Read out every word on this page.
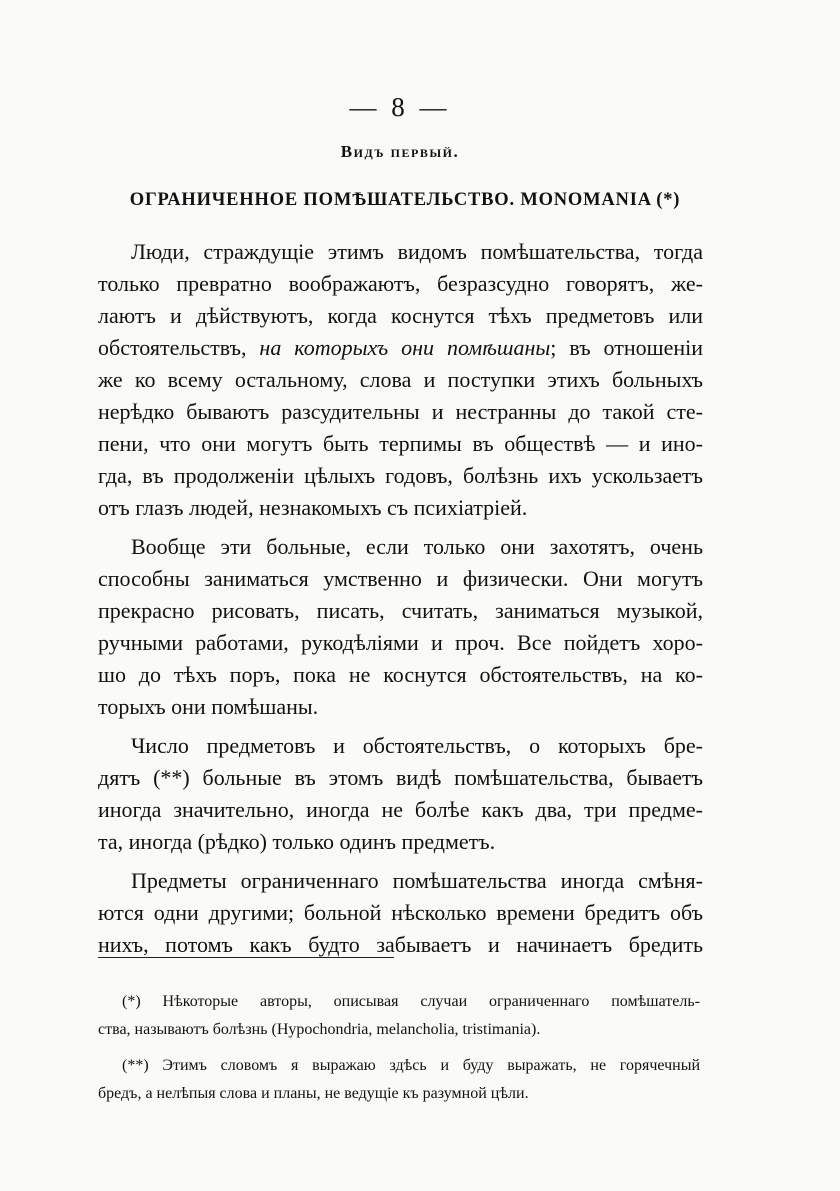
— 8 —
Видъ первый.
ОГРАНИЧЕННОЕ ПОМѢШАТЕЛЬСТВО. MONOMANIA (*)
Люди, страждущіе этимъ видомъ помѣшательства, тогда
только превратно воображаютъ, безразсудно говорятъ, же-
лаютъ и дѣйствуютъ, когда коснутся тѣхъ предметовъ или
обстоятельствъ, на которыхъ они помѣшаны; въ отношеніи
же ко всему остальному, слова и поступки этихъ больныхъ
нерѣдко бываютъ разсудительны и нестранны до такой сте-
пени, что они могутъ быть терпимы въ обществѣ — и ино-
гда, въ продолженіи цѣлыхъ годовъ, болѣзнь ихъ ускользаетъ
отъ глазъ людей, незнакомыхъ съ психіатріей.
Вообще эти больные, если только они захотятъ, очень
способны заниматься умственно и физически. Они могутъ
прекрасно рисовать, писать, считать, заниматься музыкой,
ручными работами, рукодѣліями и проч. Все пойдетъ хоро-
шо до тѣхъ поръ, пока не коснутся обстоятельствъ, на ко-
торыхъ они помѣшаны.
Число предметовъ и обстоятельствъ, о которыхъ бре-
дятъ (**) больные въ этомъ видѣ помѣшательства, бываетъ
иногда значительно, иногда не болѣе какъ два, три предме-
та, иногда (рѣдко) только одинъ предметъ.
Предметы ограниченнаго помѣшательства иногда смѣня-
ются одни другими; больной нѣсколько времени бредитъ объ
нихъ, потомъ какъ будто забываетъ и начинаетъ бредить
(*) Нѣкоторые авторы, описывая случаи ограниченнаго помѣшатель-
ства, называютъ болѣзнь (Hypochondria, melancholia, tristimania).
(**) Этимъ словомъ я выражаю здѣсь и буду выражать, не горячечный
бредъ, а нелѣпыя слова и планы, не ведущіе къ разумной цѣли.
